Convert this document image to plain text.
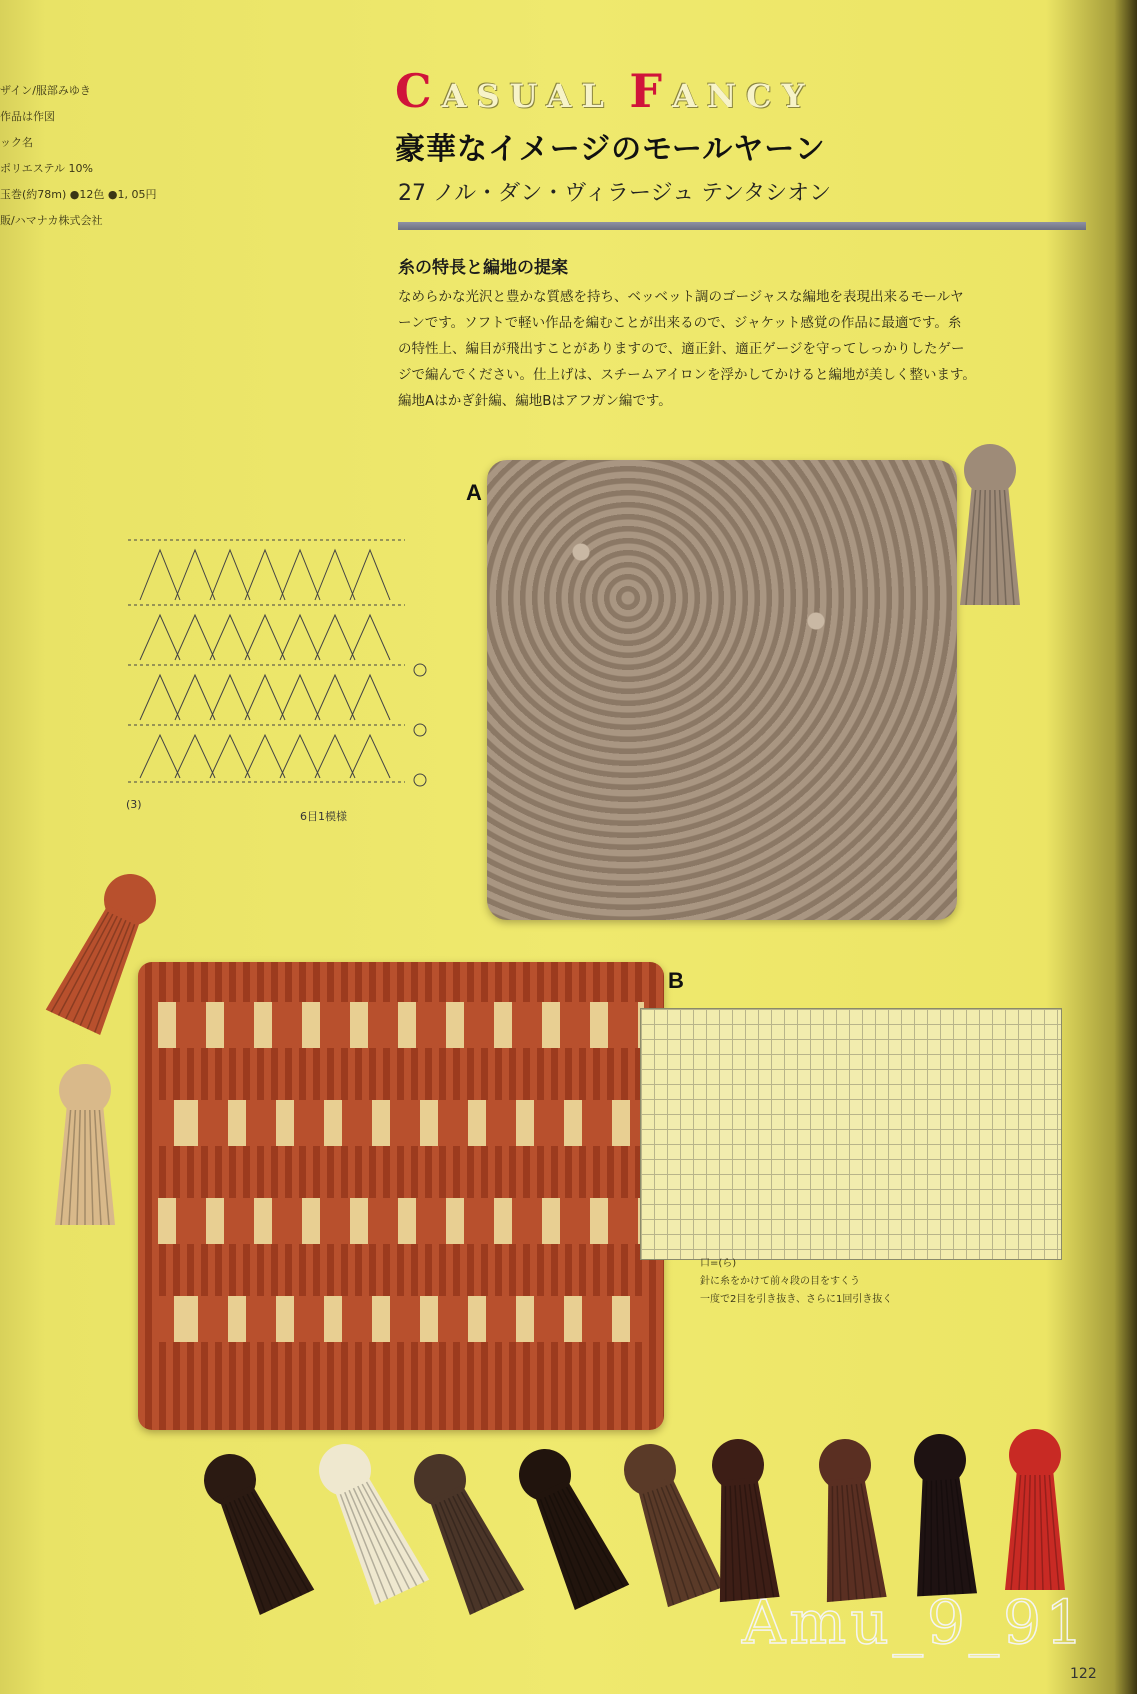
ザイン/服部みゆき
作品は作図
ック名
ポリエステル 10%
玉巻(約78m) ●12色 ●1, 05円
販/ハマナカ株式会社
CASUAL FANCY
豪華なイメージのモールヤーン
27 ノル・ダン・ヴィラージュ テンタシオン
糸の特長と編地の提案

なめらかな光沢と豊かな質感を持ち、ベッベット調のゴージャスな編地を表現出来るモールヤ

ーンです。ソフトで軽い作品を編むことが出来るので、ジャケット感覚の作品に最適です。糸

の特性上、編目が飛出すことがありますので、適正針、適正ゲージを守ってしっかりしたゲー

ジで編んでください。仕上げは、スチームアイロンを浮かしてかけると編地が美しく整います。

編地Aはかぎ針編、編地Bはアフガン編です。

A
(3)
6目1模様
B
口=(ら)
針に糸をかけて前々段の目をすくう
一度で2目を引き抜き、さらに1回引き抜く
Amu_9_91
122
